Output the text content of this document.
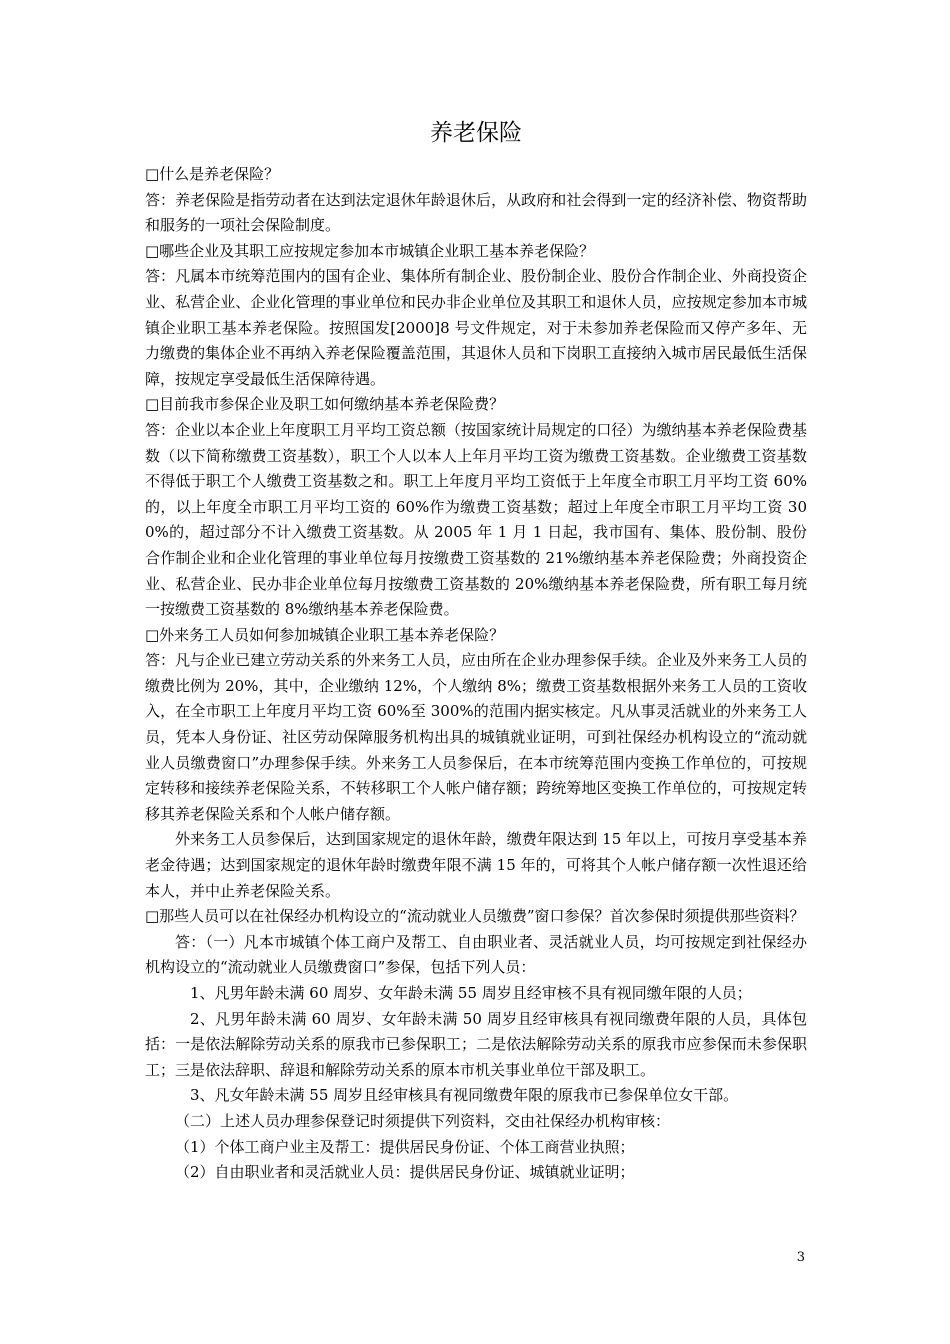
养老保险

□什么是养老保险？

答：养老保险是指劳动者在达到法定退休年龄退休后，从政府和社会得到一定的经济补偿、物资帮助和服务的一项社会保险制度。

□哪些企业及其职工应按规定参加本市城镇企业职工基本养老保险？

答：凡属本市统筹范围内的国有企业、集体所有制企业、股份制企业、股份合作制企业、外商投资企业、私营企业、企业化管理的事业单位和民办非企业单位及其职工和退休人员，应按规定参加本市城镇企业职工基本养老保险。按照国发[2000]8 号文件规定，对于未参加养老保险而又停产多年、无力缴费的集体企业不再纳入养老保险覆盖范围，其退休人员和下岗职工直接纳入城市居民最低生活保障，按规定享受最低生活保障待遇。

□目前我市参保企业及职工如何缴纳基本养老保险费？

答：企业以本企业上年度职工月平均工资总额（按国家统计局规定的口径）为缴纳基本养老保险费基数（以下简称缴费工资基数），职工个人以本人上年月平均工资为缴费工资基数。企业缴费工资基数不得低于职工个人缴费工资基数之和。职工上年度月平均工资低于上年度全市职工月平均工资 60%的，以上年度全市职工月平均工资的 60%作为缴费工资基数；超过上年度全市职工月平均工资 300%的，超过部分不计入缴费工资基数。从 2005 年 1 月 1 日起，我市国有、集体、股份制、股份合作制企业和企业化管理的事业单位每月按缴费工资基数的 21%缴纳基本养老保险费；外商投资企业、私营企业、民办非企业单位每月按缴费工资基数的 20%缴纳基本养老保险费，所有职工每月统一按缴费工资基数的 8%缴纳基本养老保险费。

□外来务工人员如何参加城镇企业职工基本养老保险？

答：凡与企业已建立劳动关系的外来务工人员，应由所在企业办理参保手续。企业及外来务工人员的缴费比例为 20%，其中，企业缴纳 12%，个人缴纳 8%；缴费工资基数根据外来务工人员的工资收入，在全市职工上年度月平均工资 60%至 300%的范围内据实核定。凡从事灵活就业的外来务工人员，凭本人身份证、社区劳动保障服务机构出具的城镇就业证明，可到社保经办机构设立的“流动就业人员缴费窗口”办理参保手续。外来务工人员参保后，在本市统筹范围内变换工作单位的，可按规定转移和接续养老保险关系，不转移职工个人帐户储存额；跨统筹地区变换工作单位的，可按规定转移其养老保险关系和个人帐户储存额。

外来务工人员参保后，达到国家规定的退休年龄，缴费年限达到 15 年以上，可按月享受基本养老金待遇；达到国家规定的退休年龄时缴费年限不满 15 年的，可将其个人帐户储存额一次性退还给本人，并中止养老保险关系。

□那些人员可以在社保经办机构设立的“流动就业人员缴费”窗口参保？首次参保时须提供那些资料？

答：（一）凡本市城镇个体工商户及帮工、自由职业者、灵活就业人员，均可按规定到社保经办机构设立的“流动就业人员缴费窗口”参保，包括下列人员：

1、凡男年龄未满 60 周岁、女年龄未满 55 周岁且经审核不具有视同缴年限的人员；

2、凡男年龄未满 60 周岁、女年龄未满 50 周岁且经审核具有视同缴费年限的人员，具体包括：一是依法解除劳动关系的原我市已参保职工；二是依法解除劳动关系的原我市应参保而未参保职工；三是依法辞职、辞退和解除劳动关系的原本市机关事业单位干部及职工。

3、凡女年龄未满 55 周岁且经审核具有视同缴费年限的原我市已参保单位女干部。

（二）上述人员办理参保登记时须提供下列资料，交由社保经办机构审核：

（1）个体工商户业主及帮工：提供居民身份证、个体工商营业执照；

（2）自由职业者和灵活就业人员：提供居民身份证、城镇就业证明；

3
